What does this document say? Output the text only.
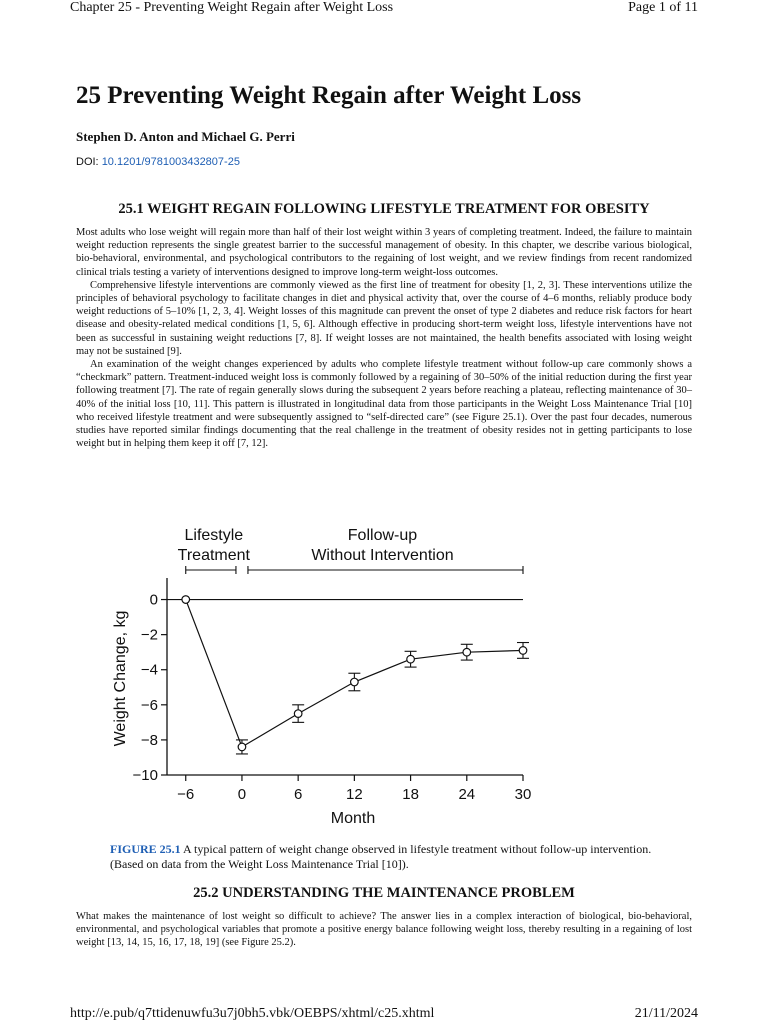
Chapter 25 - Preventing Weight Regain after Weight Loss	Page 1 of 11
25 Preventing Weight Regain after Weight Loss
Stephen D. Anton and Michael G. Perri
DOI: 10.1201/9781003432807-25
25.1 WEIGHT REGAIN FOLLOWING LIFESTYLE TREATMENT FOR OBESITY

Most adults who lose weight will regain more than half of their lost weight within 3 years of completing treatment. Indeed, the failure to maintain weight reduction represents the single greatest barrier to the successful management of obesity. In this chapter, we describe various biological, bio-behavioral, environmental, and psychological contributors to the regaining of lost weight, and we review findings from recent randomized clinical trials testing a variety of interventions designed to improve long-term weight-loss outcomes.

Comprehensive lifestyle interventions are commonly viewed as the first line of treatment for obesity [1, 2, 3]. These interventions utilize the principles of behavioral psychology to facilitate changes in diet and physical activity that, over the course of 4–6 months, reliably produce body weight reductions of 5–10% [1, 2, 3, 4]. Weight losses of this magnitude can prevent the onset of type 2 diabetes and reduce risk factors for heart disease and obesity-related medical conditions [1, 5, 6]. Although effective in producing short-term weight loss, lifestyle interventions have not been as successful in sustaining weight reductions [7, 8]. If weight losses are not maintained, the health benefits associated with losing weight may not be sustained [9].

An examination of the weight changes experienced by adults who complete lifestyle treatment without follow-up care commonly shows a “checkmark” pattern. Treatment-induced weight loss is commonly followed by a regaining of 30–50% of the initial reduction during the first year following treatment [7]. The rate of regain generally slows during the subsequent 2 years before reaching a plateau, reflecting maintenance of 30–40% of the initial loss [10, 11]. This pattern is illustrated in longitudinal data from those participants in the Weight Loss Maintenance Trial [10] who received lifestyle treatment and were subsequently assigned to “self-directed care” (see Figure 25.1). Over the past four decades, numerous studies have reported similar findings documenting that the real challenge in the treatment of obesity resides not in getting participants to lose weight but in helping them keep it off [7, 12].

Lifestyle
Treatment
Follow-up
Without Intervention
0
−2
−4
−6
−8
−10
−6	0	6	12	18	24	30
Month
Weight Change, kg
FIGURE 25.1 A typical pattern of weight change observed in lifestyle treatment without follow-up intervention. (Based on data from the Weight Loss Maintenance Trial [10]).
25.2 UNDERSTANDING THE MAINTENANCE PROBLEM

What makes the maintenance of lost weight so difficult to achieve? The answer lies in a complex interaction of biological, bio-behavioral, environmental, and psychological variables that promote a positive energy balance following weight loss, thereby resulting in a regaining of lost weight [13, 14, 15, 16, 17, 18, 19] (see Figure 25.2).

http://e.pub/q7ttidenuwfu3u7j0bh5.vbk/OEBPS/xhtml/c25.xhtml	21/11/2024
